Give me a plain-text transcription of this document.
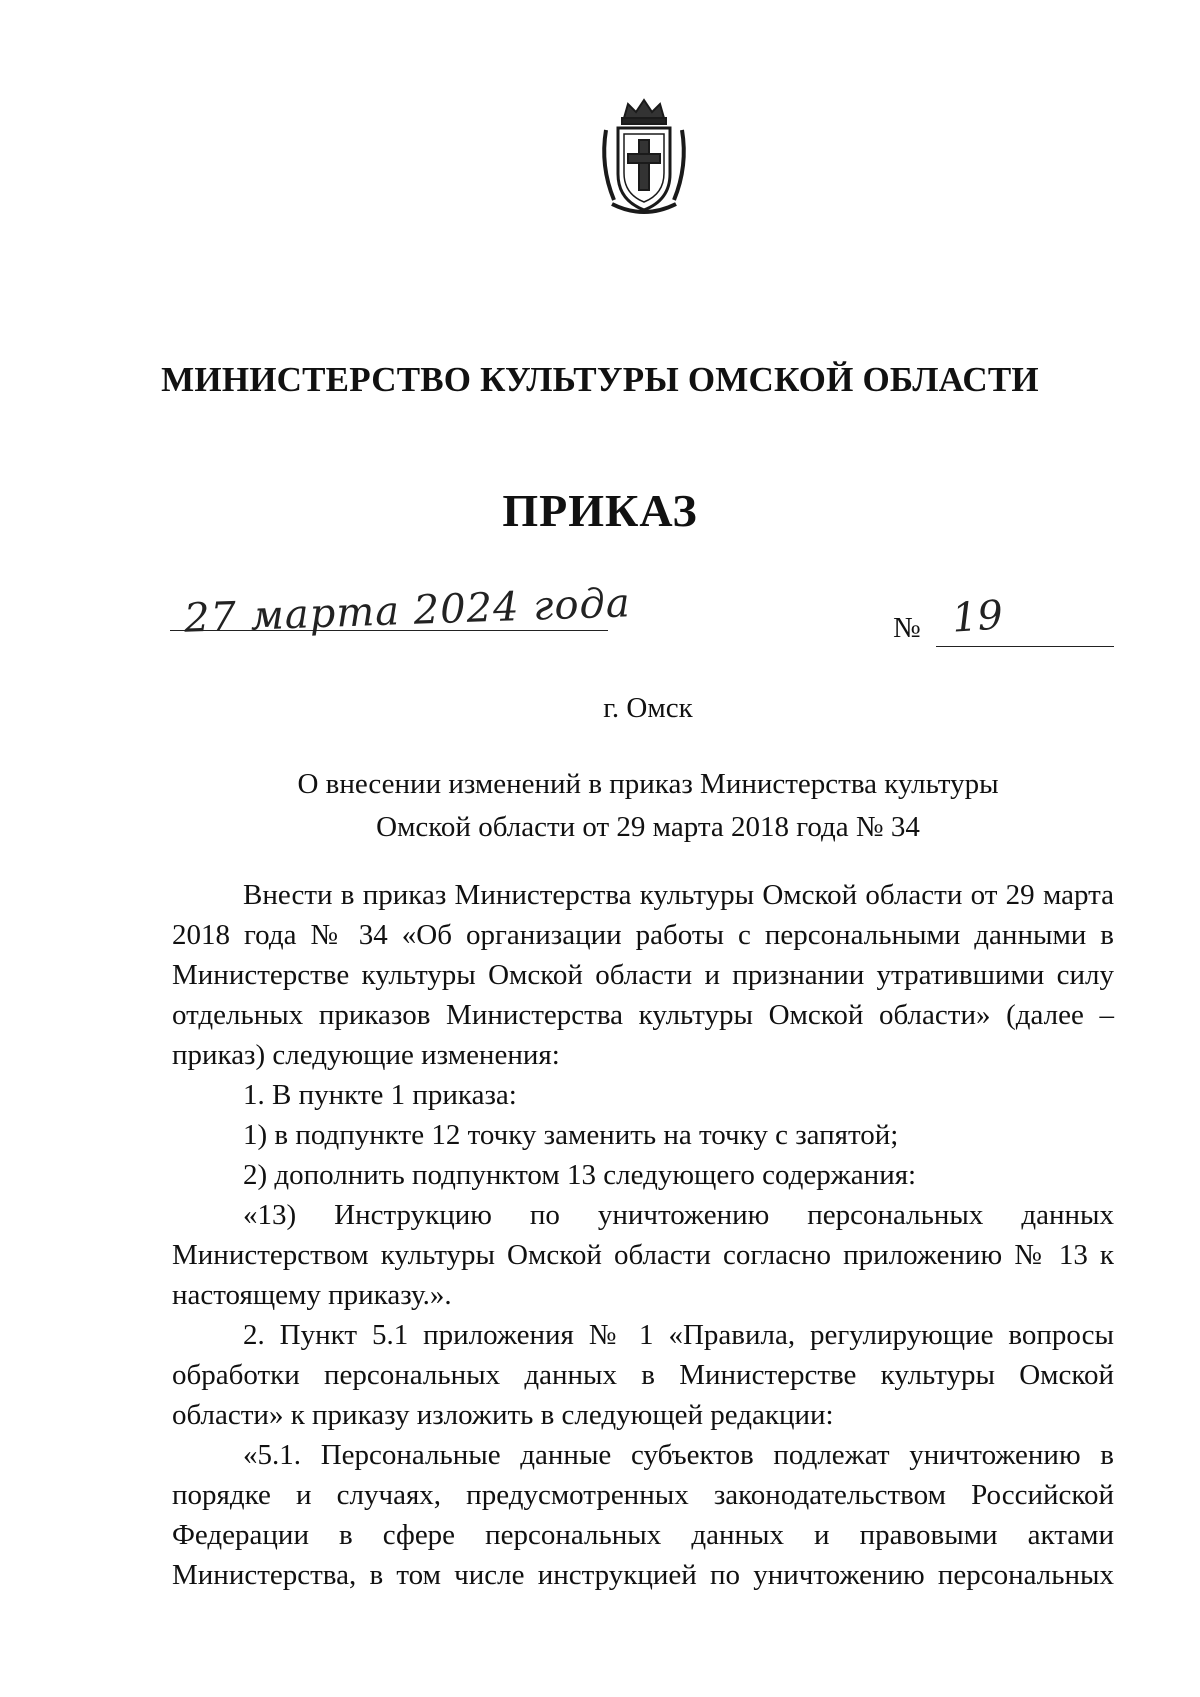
МИНИСТЕРСТВО КУЛЬТУРЫ ОМСКОЙ ОБЛАСТИ
ПРИКАЗ
27 марта 2024 года	№ 19
г. Омск
О внесении изменений в приказ Министерства культуры
Омской области от 29 марта 2018 года № 34

Внести в приказ Министерства культуры Омской области от 29 марта 2018 года № 34 «Об организации работы с персональными данными в Министерстве культуры Омской области и признании утратившими силу отдельных приказов Министерства культуры Омской области» (далее – приказ) следующие изменения:

1. В пункте 1 приказа:

1) в подпункте 12 точку заменить на точку с запятой;

2) дополнить подпунктом 13 следующего содержания:

«13) Инструкцию по уничтожению персональных данных Министерством культуры Омской области согласно приложению № 13 к настоящему приказу.».

2. Пункт 5.1 приложения № 1 «Правила, регулирующие вопросы обработки персональных данных в Министерстве культуры Омской области» к приказу изложить в следующей редакции:

«5.1. Персональные данные субъектов подлежат уничтожению в порядке и случаях, предусмотренных законодательством Российской Федерации в сфере персональных данных и правовыми актами Министерства, в том числе инструкцией по уничтожению персональных
